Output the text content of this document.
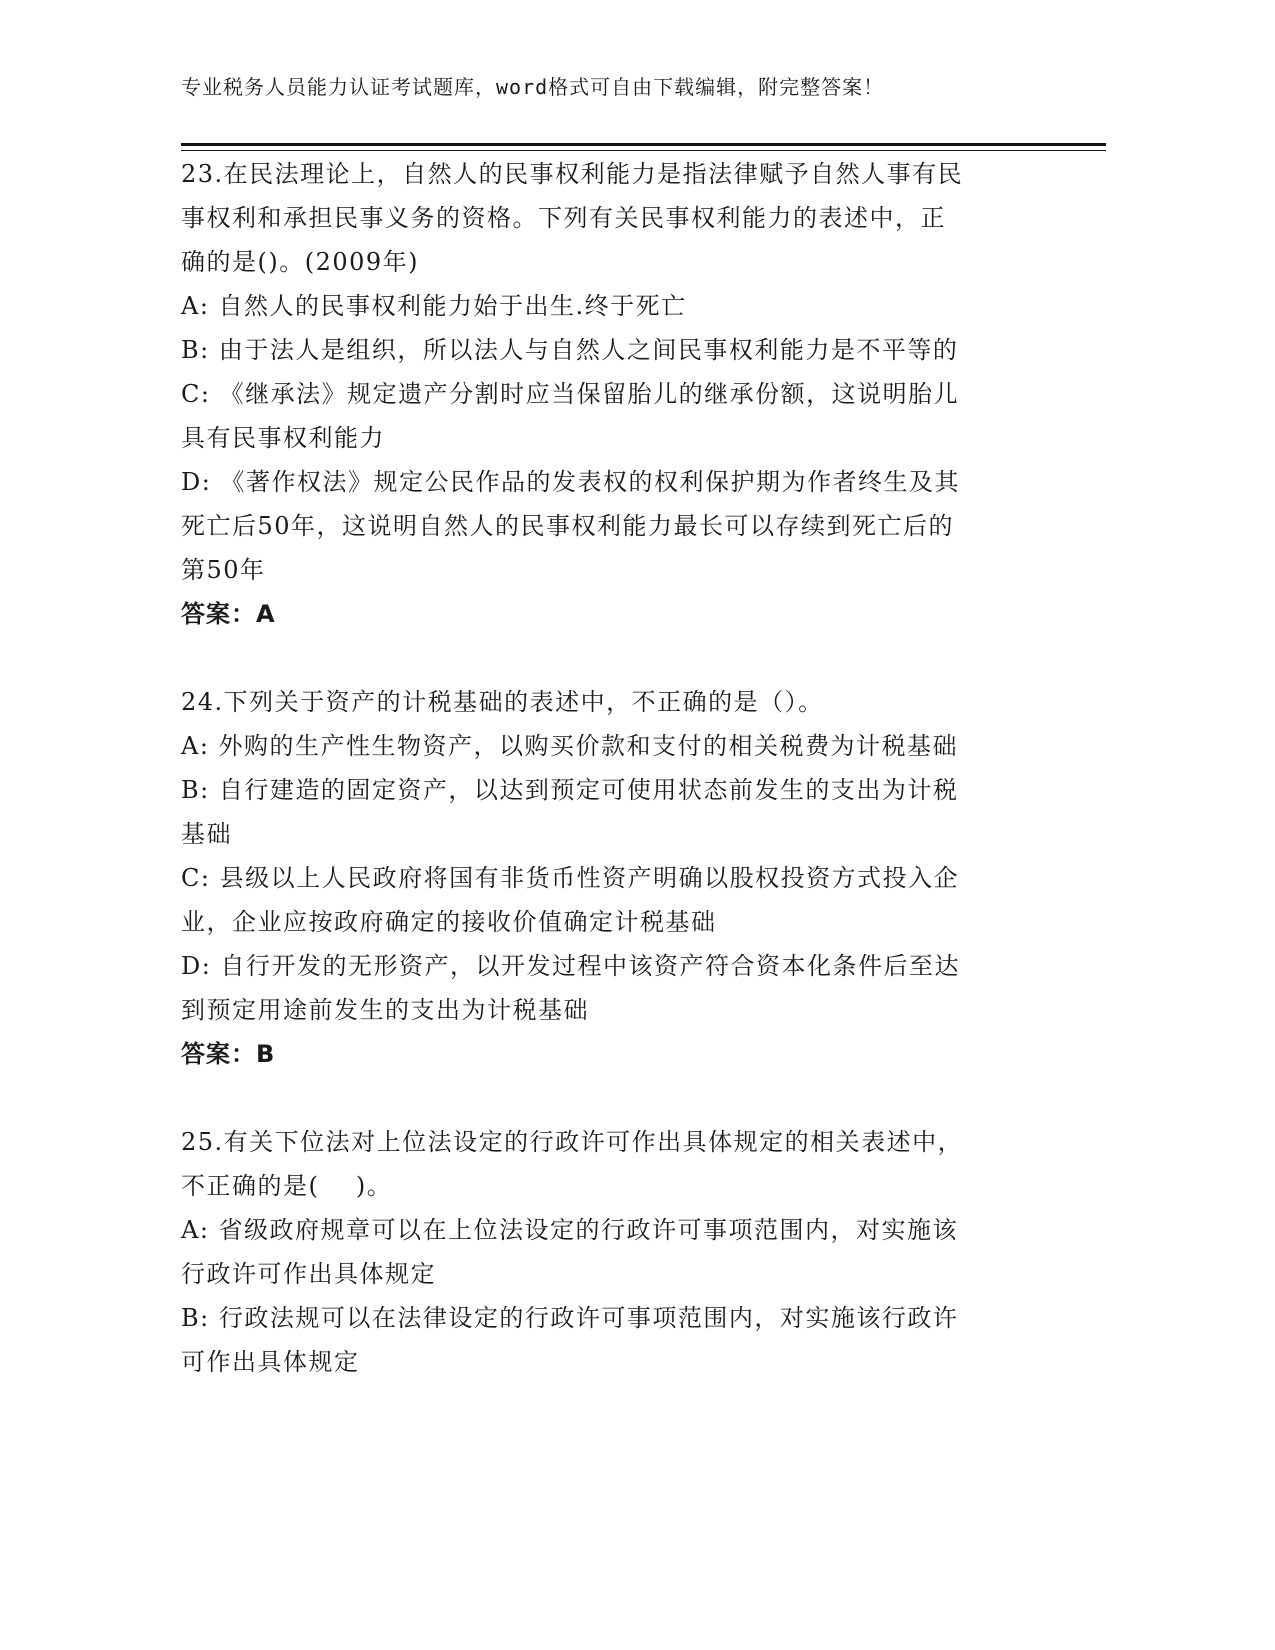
专业税务人员能力认证考试题库，word格式可自由下载编辑，附完整答案！
23.在民法理论上，自然人的民事权利能力是指法律赋予自然人事有民
事权利和承担民事义务的资格。下列有关民事权利能力的表述中，正
确的是()。(2009年)
A: 自然人的民事权利能力始于出生.终于死亡
B: 由于法人是组织，所以法人与自然人之间民事权利能力是不平等的
C: 《继承法》规定遗产分割时应当保留胎儿的继承份额，这说明胎儿
具有民事权利能力
D: 《著作权法》规定公民作品的发表权的权利保护期为作者终生及其
死亡后50年，这说明自然人的民事权利能力最长可以存续到死亡后的
第50年
答案：A
24.下列关于资产的计税基础的表述中，不正确的是（）。
A: 外购的生产性生物资产，以购买价款和支付的相关税费为计税基础
B: 自行建造的固定资产，以达到预定可使用状态前发生的支出为计税
基础
C: 县级以上人民政府将国有非货币性资产明确以股权投资方式投入企
业，企业应按政府确定的接收价值确定计税基础
D: 自行开发的无形资产，以开发过程中该资产符合资本化条件后至达
到预定用途前发生的支出为计税基础
答案：B
25.有关下位法对上位法设定的行政许可作出具体规定的相关表述中，
不正确的是(    )。
A: 省级政府规章可以在上位法设定的行政许可事项范围内，对实施该
行政许可作出具体规定
B: 行政法规可以在法律设定的行政许可事项范围内，对实施该行政许
可作出具体规定
